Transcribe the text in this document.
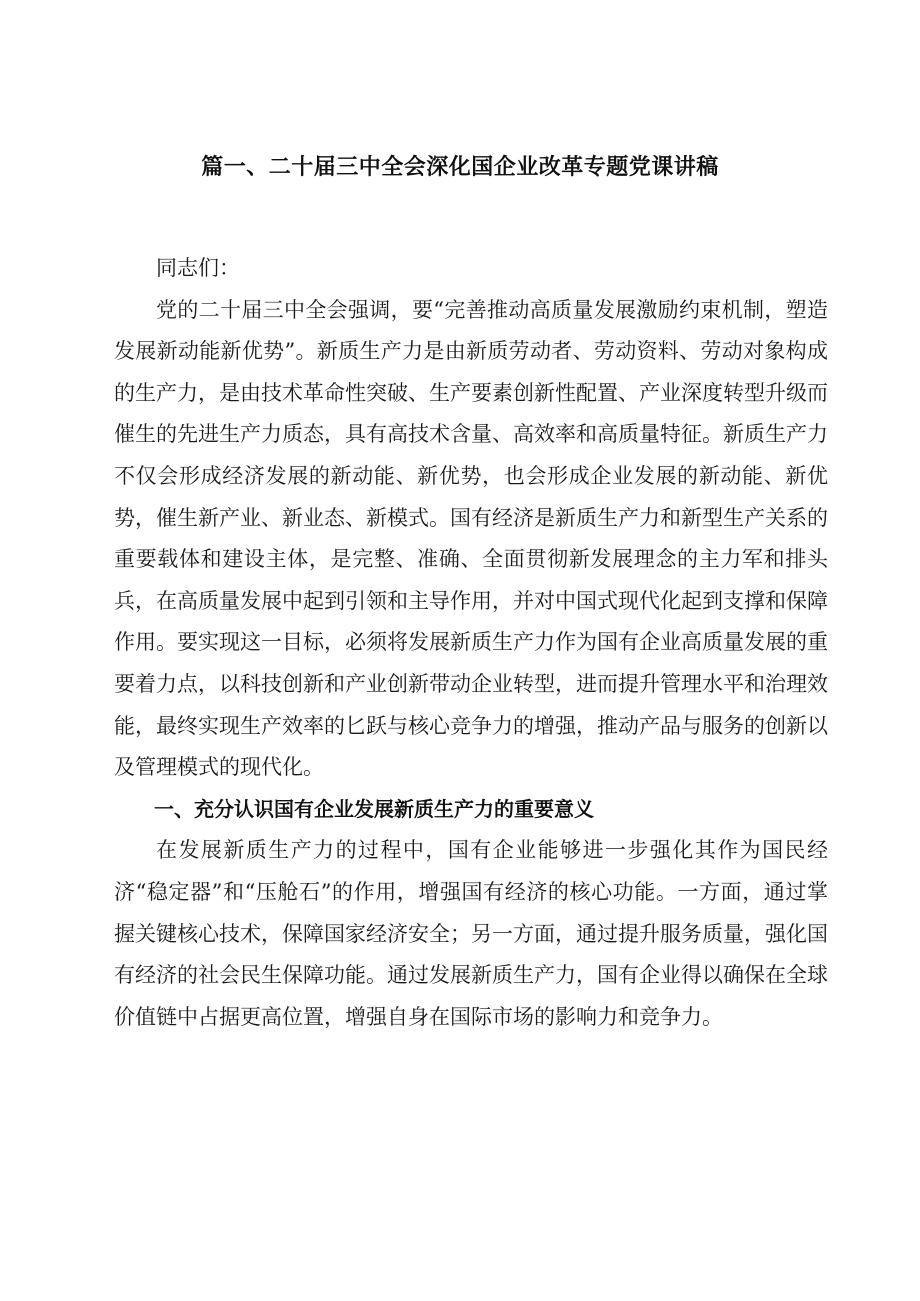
篇一、二十届三中全会深化国企业改革专题党课讲稿

同志们：

党的二十届三中全会强调，要“完善推动高质量发展激励约束机制，塑造发展新动能新优势”。新质生产力是由新质劳动者、劳动资料、劳动对象构成的生产力，是由技术革命性突破、生产要素创新性配置、产业深度转型升级而催生的先进生产力质态，具有高技术含量、高效率和高质量特征。新质生产力不仅会形成经济发展的新动能、新优势，也会形成企业发展的新动能、新优势，催生新产业、新业态、新模式。国有经济是新质生产力和新型生产关系的重要载体和建设主体，是完整、准确、全面贯彻新发展理念的主力军和排头兵，在高质量发展中起到引领和主导作用，并对中国式现代化起到支撑和保障作用。要实现这一目标，必须将发展新质生产力作为国有企业高质量发展的重要着力点，以科技创新和产业创新带动企业转型，进而提升管理水平和治理效能，最终实现生产效率的匕跃与核心竞争力的增强，推动产品与服务的创新以及管理模式的现代化。

一、充分认识国有企业发展新质生产力的重要意义

在发展新质生产力的过程中，国有企业能够进一步强化其作为国民经济“稳定器”和“压舱石”的作用，增强国有经济的核心功能。一方面，通过掌握关键核心技术，保障国家经济安全；另一方面，通过提升服务质量，强化国有经济的社会民生保障功能。通过发展新质生产力，国有企业得以确保在全球价值链中占据更高位置，增强自身在国际市场的影响力和竞争力。
